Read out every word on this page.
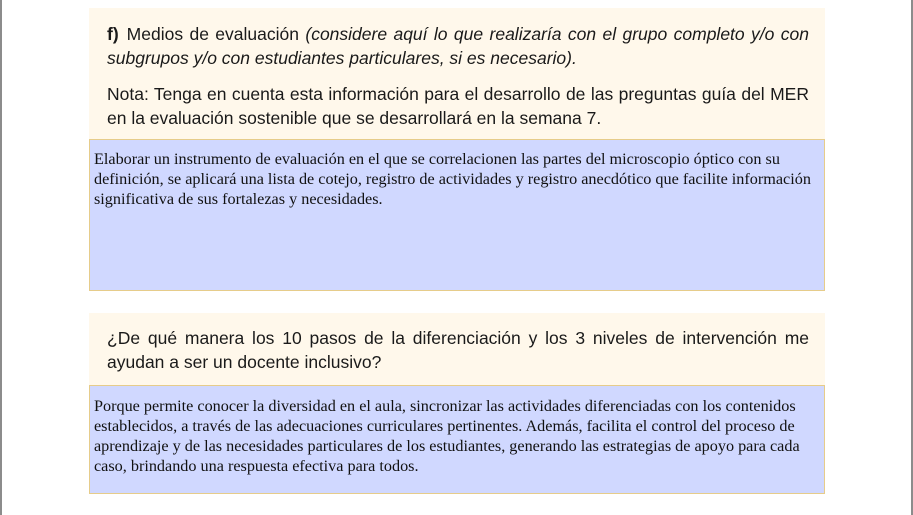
f) Medios de evaluación (considere aquí lo que realizaría con el grupo completo y/o con subgrupos y/o con estudiantes particulares, si es necesario).
Nota: Tenga en cuenta esta información para el desarrollo de las preguntas guía del MER en la evaluación sostenible que se desarrollará en la semana 7.
Elaborar un instrumento de evaluación en el que se correlacionen las partes del microscopio óptico con su definición, se aplicará una lista de cotejo, registro de actividades y registro anecdótico que facilite información significativa de sus fortalezas y necesidades.
¿De qué manera los 10 pasos de la diferenciación y los 3 niveles de intervención me ayudan a ser un docente inclusivo?
Porque permite conocer la diversidad en el aula, sincronizar las actividades diferenciadas con los contenidos establecidos, a través de las adecuaciones curriculares pertinentes. Además, facilita el control del proceso de aprendizaje y de las necesidades particulares de los estudiantes, generando las estrategias de apoyo para cada caso, brindando una respuesta efectiva para todos.
